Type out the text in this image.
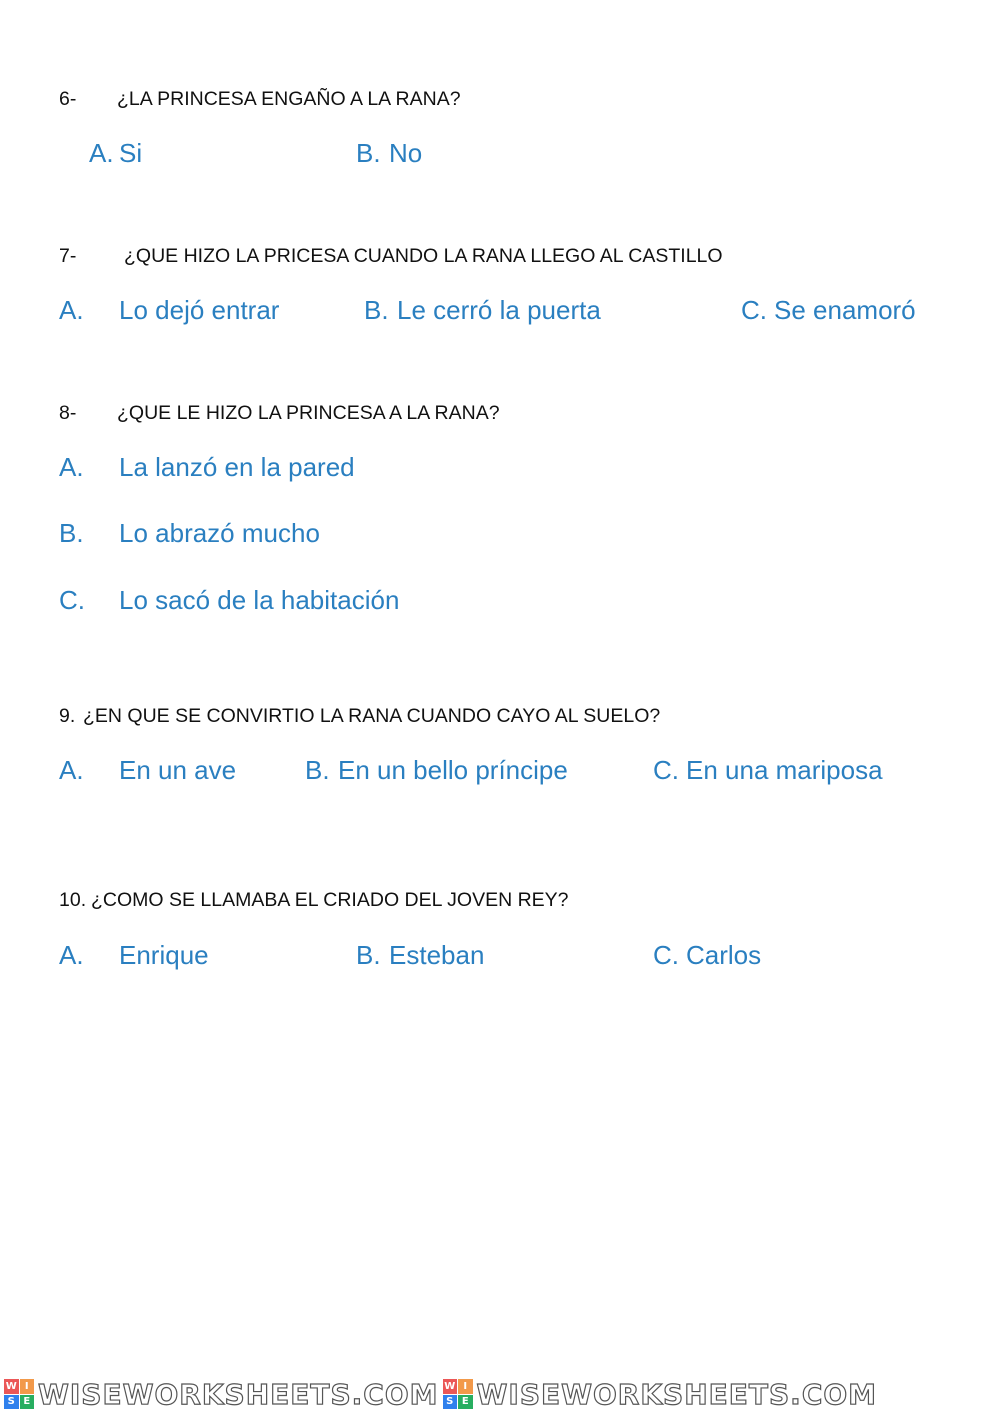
6- ¿LA PRINCESA ENGAÑO A LA RANA?
A. Si	B. No
7- ¿QUE HIZO LA PRICESA CUANDO LA RANA LLEGO AL CASTILLO
A. Lo dejó entrar	B. Le cerró la puerta	C. Se enamoró
8- ¿QUE LE HIZO LA PRINCESA A LA RANA?
A. La lanzó en la pared
B. Lo abrazó mucho
C. Lo sacó de la habitación
9. ¿EN QUE SE CONVIRTIO LA RANA CUANDO CAYO AL SUELO?
A. En un ave	B. En un bello príncipe	C. En una mariposa
10. ¿COMO SE LLAMABA EL CRIADO DEL JOVEN REY?
A. Enrique	B. Esteban	C. Carlos
W I
S E WISEWORKSHEETS.COM W I
S E WISEWORKSHEETS.COM
